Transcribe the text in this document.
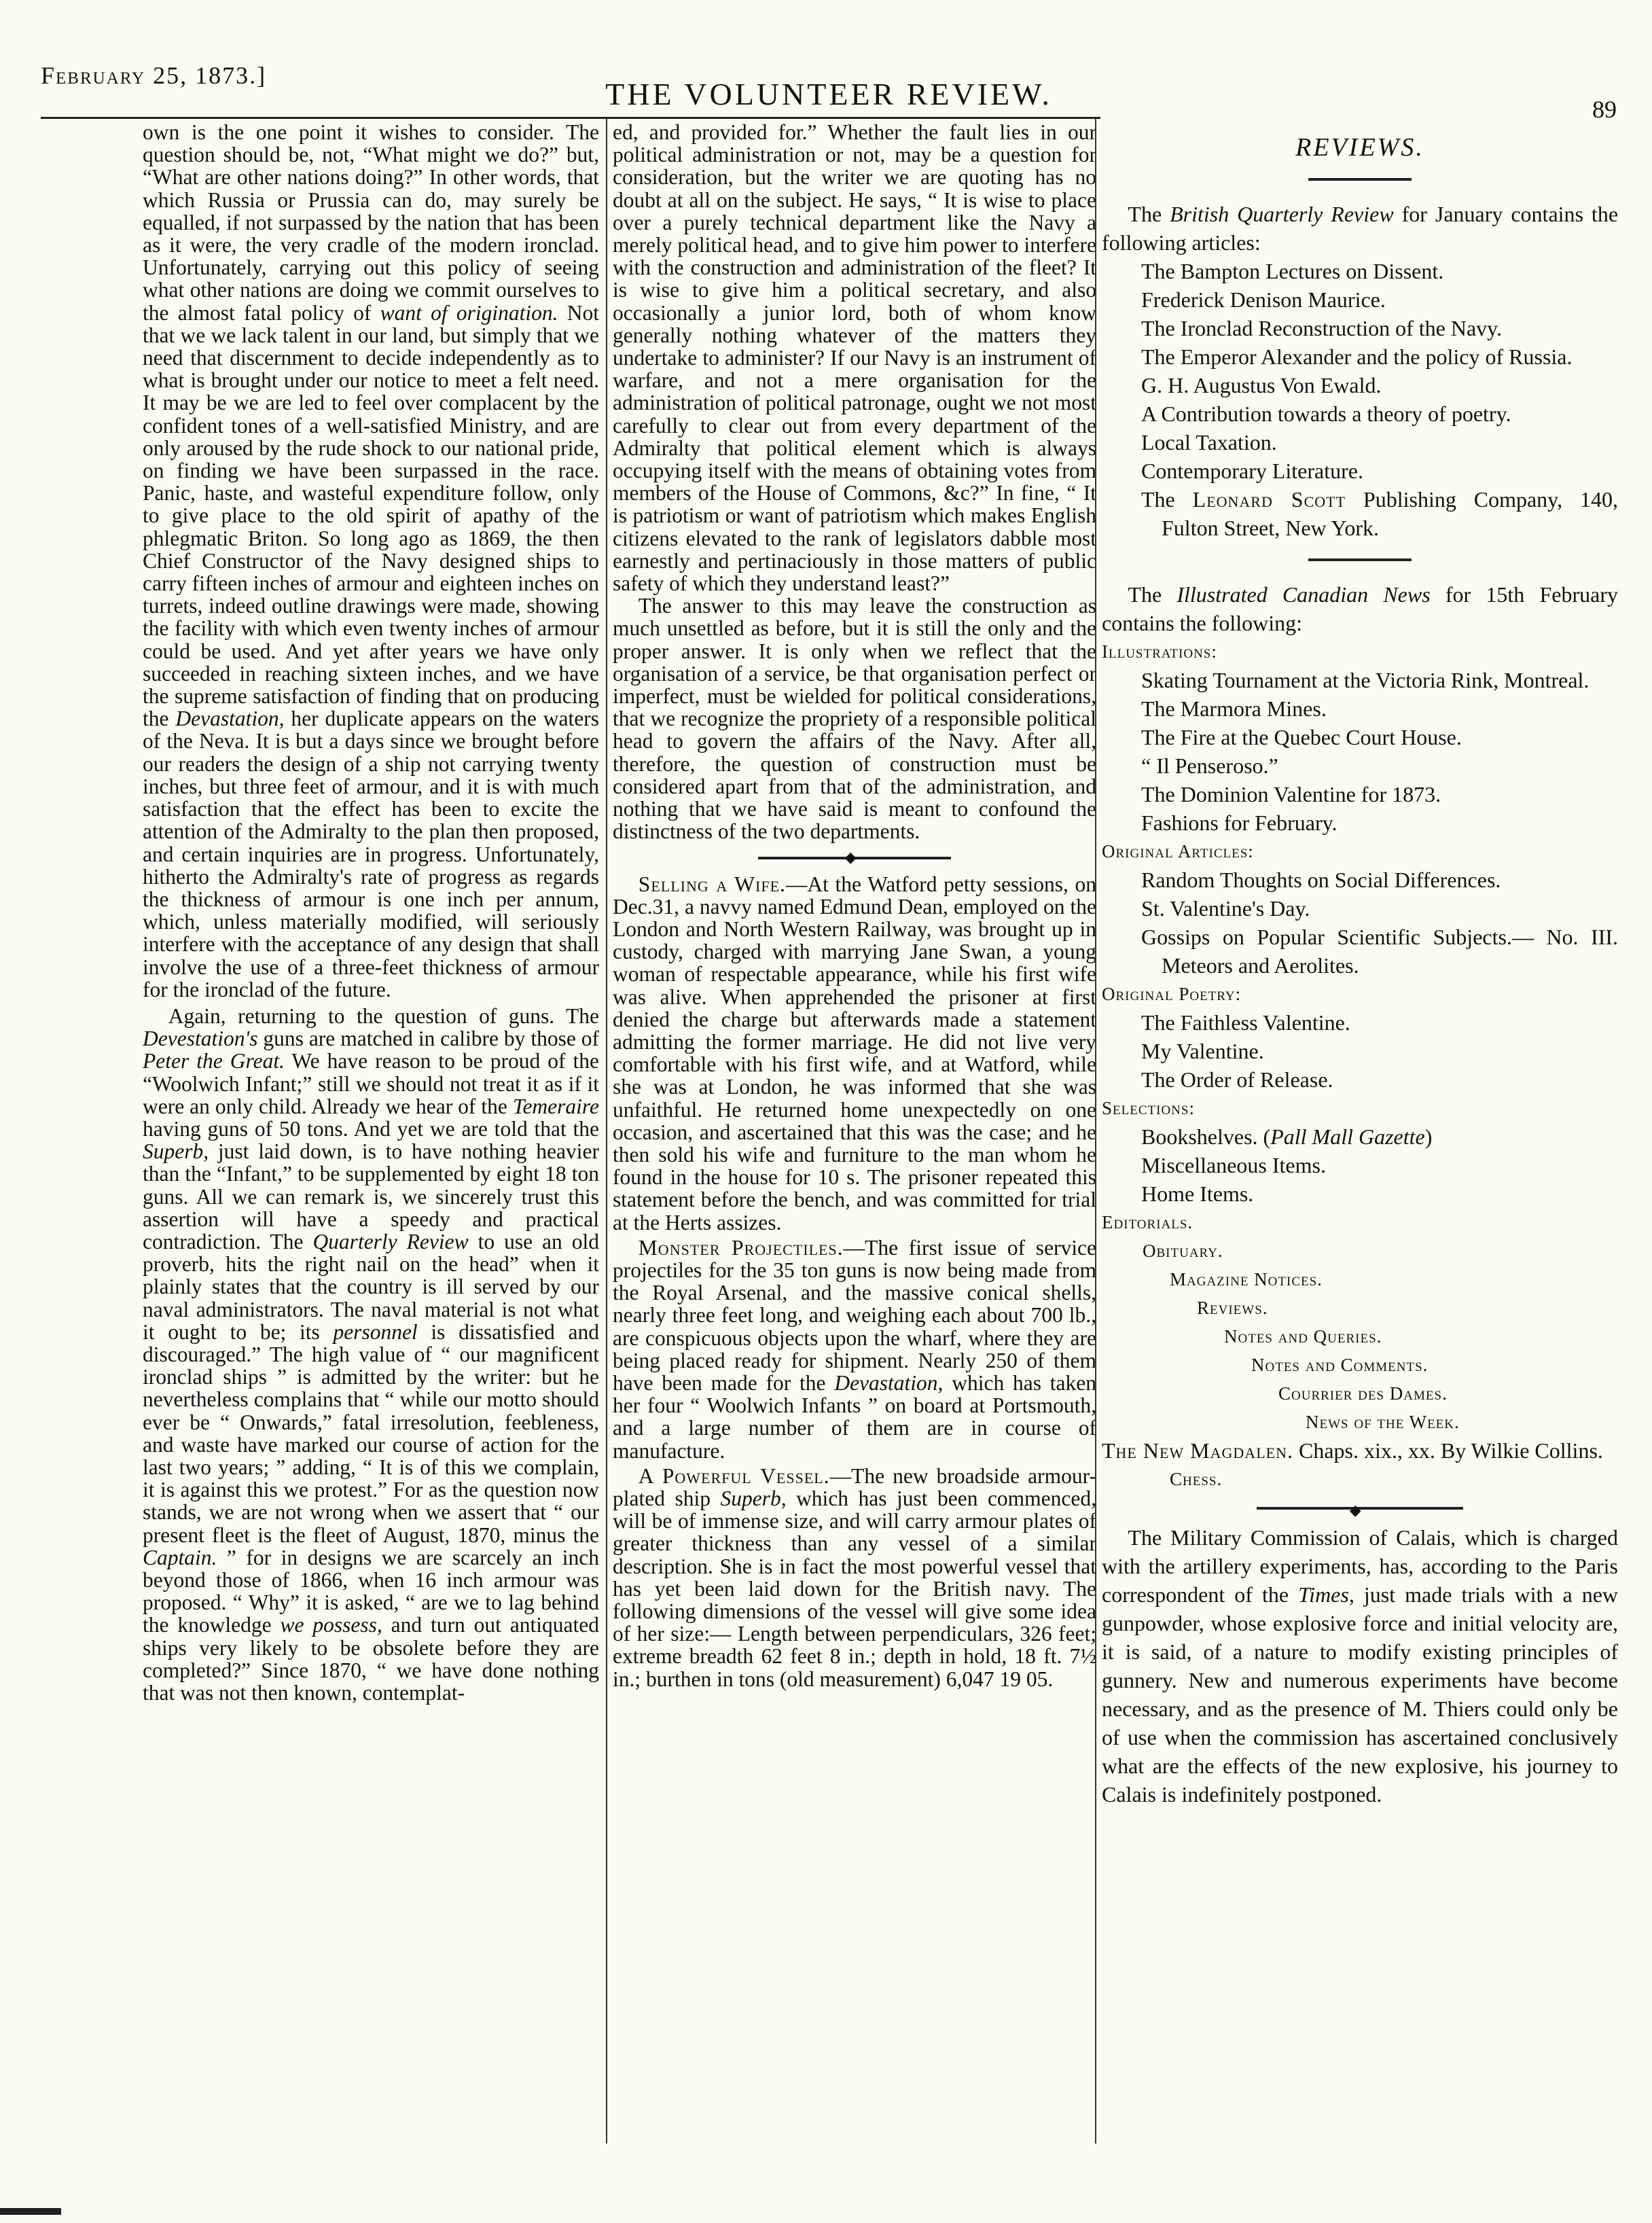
February 25, 1873.]
THE VOLUNTEER REVIEW.	89

own is the one point it wishes to consider. The question should be, not, “What might we do?” but, “What are other nations doing?” In other words, that which Russia or Prussia can do, may surely be equalled, if not surpassed by the nation that has been as it were, the very cradle of the modern ironclad. Unfortunately, carrying out this policy of seeing what other nations are doing we commit ourselves to the almost fatal policy of want of origination. Not that we we lack talent in our land, but simply that we need that discernment to decide independently as to what is brought under our notice to meet a felt need. It may be we are led to feel over complacent by the confident tones of a well-satisfied Ministry, and are only aroused by the rude shock to our national pride, on finding we have been surpassed in the race. Panic, haste, and wasteful expenditure follow, only to give place to the old spirit of apathy of the phlegmatic Briton. So long ago as 1869, the then Chief Constructor of the Navy designed ships to carry fifteen inches of armour and eighteen inches on turrets, indeed outline drawings were made, showing the facility with which even twenty inches of armour could be used. And yet after years we have only succeeded in reaching sixteen inches, and we have the supreme satisfaction of finding that on producing the Devastation, her duplicate appears on the waters of the Neva. It is but a days since we brought before our readers the design of a ship not carrying twenty inches, but three feet of armour, and it is with much satisfaction that the effect has been to excite the attention of the Admiralty to the plan then proposed, and certain inquiries are in progress. Unfortunately, hitherto the Admiralty's rate of progress as regards the thickness of armour is one inch per annum, which, unless materially modified, will seriously interfere with the acceptance of any design that shall involve the use of a three-feet thickness of armour for the ironclad of the future.

Again, returning to the question of guns. The Devestation's guns are matched in calibre by those of Peter the Great. We have reason to be proud of the “Woolwich Infant;” still we should not treat it as if it were an only child. Already we hear of the Temeraire having guns of 50 tons. And yet we are told that the Superb, just laid down, is to have nothing heavier than the “Infant,” to be supplemented by eight 18 ton guns. All we can remark is, we sincerely trust this assertion will have a speedy and practical contradiction. The Quarterly Review to use an old proverb, hits the right nail on the head” when it plainly states that the country is ill served by our naval administrators. The naval material is not what it ought to be; its personnel is dissatisfied and discouraged.” The high value of “ our magnificent ironclad ships ” is admitted by the writer: but he nevertheless complains that “ while our motto should ever be “ Onwards,” fatal irresolution, feebleness, and waste have marked our course of action for the last two years; ” adding, “ It is of this we complain, it is against this we protest.” For as the question now stands, we are not wrong when we assert that “ our present fleet is the fleet of August, 1870, minus the Captain. ” for in designs we are scarcely an inch beyond those of 1866, when 16 inch armour was proposed. “ Why” it is asked, “ are we to lag behind the knowledge we possess, and turn out antiquated ships very likely to be obsolete before they are completed?” Since 1870, “ we have done nothing that was not then known, contemplat-

ed, and provided for.” Whether the fault lies in our political administration or not, may be a question for consideration, but the writer we are quoting has no doubt at all on the subject. He says, “ It is wise to place over a purely technical department like the Navy a merely political head, and to give him power to interfere with the construction and administration of the fleet? It is wise to give him a political secretary, and also occasionally a junior lord, both of whom know generally nothing whatever of the matters they undertake to administer? If our Navy is an instrument of warfare, and not a mere organisation for the administration of political patronage, ought we not most carefully to clear out from every department of the Admiralty that political element which is always occupying itself with the means of obtaining votes from members of the House of Commons, &c?” In fine, “ It is patriotism or want of patriotism which makes English citizens elevated to the rank of legislators dabble most earnestly and pertinaciously in those matters of public safety of which they understand least?”

The answer to this may leave the construction as much unsettled as before, but it is still the only and the proper answer. It is only when we reflect that the organisation of a service, be that organisation perfect or imperfect, must be wielded for political considerations, that we recognize the propriety of a responsible political head to govern the affairs of the Navy. After all, therefore, the question of construction must be considered apart from that of the administration, and nothing that we have said is meant to confound the distinctness of the two departments.

◆

Selling a Wife.—At the Watford petty sessions, on Dec.31, a navvy named Edmund Dean, employed on the London and North Western Railway, was brought up in custody, charged with marrying Jane Swan, a young woman of respectable appearance, while his first wife was alive. When apprehended the prisoner at first denied the charge but afterwards made a statement admitting the former marriage. He did not live very comfortable with his first wife, and at Watford, while she was at London, he was informed that she was unfaithful. He returned home unexpectedly on one occasion, and ascertained that this was the case; and he then sold his wife and furniture to the man whom he found in the house for 10 s. The prisoner repeated this statement before the bench, and was committed for trial at the Herts assizes.

Monster Projectiles.—The first issue of service projectiles for the 35 ton guns is now being made from the Royal Arsenal, and the massive conical shells, nearly three feet long, and weighing each about 700 lb., are conspicuous objects upon the wharf, where they are being placed ready for shipment. Nearly 250 of them have been made for the Devastation, which has taken her four “ Woolwich Infants ” on board at Portsmouth, and a large number of them are in course of manufacture.

A Powerful Vessel.—The new broadside armour-plated ship Superb, which has just been commenced, will be of immense size, and will carry armour plates of greater thickness than any vessel of a similar description. She is in fact the most powerful vessel that has yet been laid down for the British navy. The following dimensions of the vessel will give some idea of her size:— Length between perpendiculars, 326 feet; extreme breadth 62 feet 8 in.; depth in hold, 18 ft. 7½ in.; burthen in tons (old measurement) 6,047 19 05.

REVIEWS.

The British Quarterly Review for January contains the following articles:

The Bampton Lectures on Dissent.
Frederick Denison Maurice.
The Ironclad Reconstruction of the Navy.
The Emperor Alexander and the policy of Russia.
G. H. Augustus Von Ewald.
A Contribution towards a theory of poetry.
Local Taxation.
Contemporary Literature.

The Leonard Scott Publishing Company, 140, Fulton Street, New York.

The Illustrated Canadian News for 15th February contains the following:

Illustrations:
Skating Tournament at the Victoria Rink, Montreal.
The Marmora Mines.
The Fire at the Quebec Court House.
“ Il Penseroso.”
The Dominion Valentine for 1873.
Fashions for February.
Original Articles:
Random Thoughts on Social Differences.
St. Valentine's Day.
Gossips on Popular Scientific Subjects.— No. III. Meteors and Aerolites.
Original Poetry:
The Faithless Valentine.
My Valentine.
The Order of Release.
Selections:
Bookshelves. (Pall Mall Gazette)
Miscellaneous Items.
Home Items.
Editorials.
Obituary.
Magazine Notices.
Reviews.
Notes and Queries.
Notes and Comments.
Courrier des Dames.
News of the Week.

The New Magdalen. Chaps. xix., xx. By Wilkie Collins.

Chess.
◆

The Military Commission of Calais, which is charged with the artillery experiments, has, according to the Paris correspondent of the Times, just made trials with a new gunpowder, whose explosive force and initial velocity are, it is said, of a nature to modify existing principles of gunnery. New and numerous experiments have become necessary, and as the presence of M. Thiers could only be of use when the commission has ascertained conclusively what are the effects of the new explosive, his journey to Calais is indefinitely postponed.
